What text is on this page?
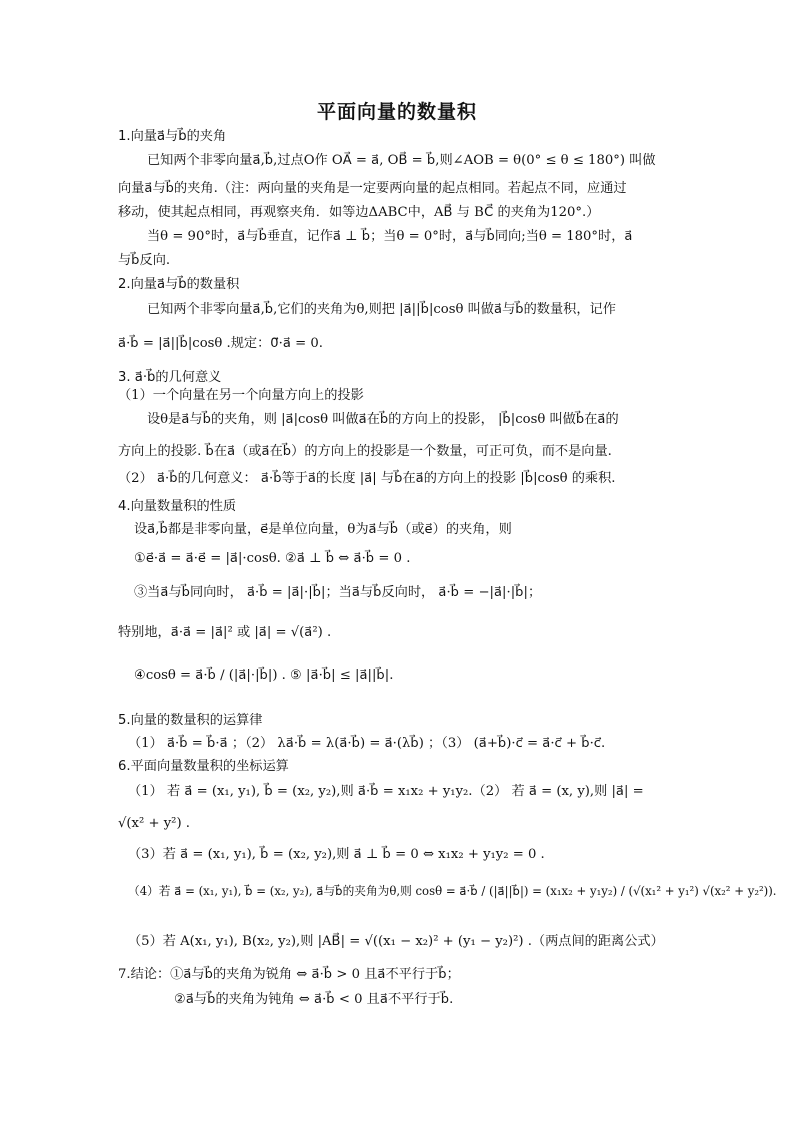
平面向量的数量积

1.向量a⃗与b⃗的夹角

已知两个非零向量a⃗,b⃗,过点O作 OA⃗ = a⃗, OB⃗ = b⃗,则∠AOB = θ(0° ≤ θ ≤ 180°) 叫做

向量a⃗与b⃗的夹角.（注：两向量的夹角是一定要两向量的起点相同。若起点不同，应通过

移动，使其起点相同，再观察夹角．如等边ΔABC中，AB⃗ 与 BC⃗ 的夹角为120°.）

当θ = 90°时，a⃗与b⃗垂直，记作a⃗ ⊥ b⃗；当θ = 0°时，a⃗与b⃗同向;当θ = 180°时，a⃗

与b⃗反向.

2.向量a⃗与b⃗的数量积

已知两个非零向量a⃗,b⃗,它们的夹角为θ,则把 |a⃗||b⃗|cosθ 叫做a⃗与b⃗的数量积，记作

a⃗·b⃗ = |a⃗||b⃗|cosθ .规定：0⃗·a⃗ = 0.

3. a⃗·b⃗的几何意义

（1）一个向量在另一个向量方向上的投影

设θ是a⃗与b⃗的夹角，则 |a⃗|cosθ 叫做a⃗在b⃗的方向上的投影， |b⃗|cosθ 叫做b⃗在a⃗的

方向上的投影. b⃗在a⃗（或a⃗在b⃗）的方向上的投影是一个数量，可正可负，而不是向量.

（2） a⃗·b⃗的几何意义： a⃗·b⃗等于a⃗的长度 |a⃗| 与b⃗在a⃗的方向上的投影 |b⃗|cosθ 的乘积.

4.向量数量积的性质

设a⃗,b⃗都是非零向量，e⃗是单位向量，θ为a⃗与b⃗（或e⃗）的夹角，则

①e⃗·a⃗ = a⃗·e⃗ = |a⃗|·cosθ. ②a⃗ ⊥ b⃗ ⇔ a⃗·b⃗ = 0 .

③当a⃗与b⃗同向时， a⃗·b⃗ = |a⃗|·|b⃗|；当a⃗与b⃗反向时， a⃗·b⃗ = −|a⃗|·|b⃗|；

特别地，a⃗·a⃗ = |a⃗|² 或 |a⃗| = √(a⃗²) .

④cosθ = a⃗·b⃗ / (|a⃗|·|b⃗|) . ⑤ |a⃗·b⃗| ≤ |a⃗||b⃗|.

5.向量的数量积的运算律

（1） a⃗·b⃗ = b⃗·a⃗ ；（2） λa⃗·b⃗ = λ(a⃗·b⃗) = a⃗·(λb⃗) ；（3） (a⃗+b⃗)·c⃗ = a⃗·c⃗ + b⃗·c⃗.

6.平面向量数量积的坐标运算

（1） 若 a⃗ = (x₁, y₁), b⃗ = (x₂, y₂),则 a⃗·b⃗ = x₁x₂ + y₁y₂.（2） 若 a⃗ = (x, y),则 |a⃗| =

√(x² + y²) .

（3）若 a⃗ = (x₁, y₁), b⃗ = (x₂, y₂),则 a⃗ ⊥ b⃗ = 0 ⇔ x₁x₂ + y₁y₂ = 0 .

（4）若 a⃗ = (x₁, y₁), b⃗ = (x₂, y₂), a⃗与b⃗的夹角为θ,则 cosθ = a⃗·b⃗ / (|a⃗||b⃗|) = (x₁x₂ + y₁y₂) / (√(x₁² + y₁²) √(x₂² + y₂²)).

（5）若 A(x₁, y₁), B(x₂, y₂),则 |AB⃗| = √((x₁ − x₂)² + (y₁ − y₂)²) .（两点间的距离公式）

7.结论：①a⃗与b⃗的夹角为锐角 ⇔ a⃗·b⃗ > 0 且a⃗不平行于b⃗；

②a⃗与b⃗的夹角为钝角 ⇔ a⃗·b⃗ < 0 且a⃗不平行于b⃗.
